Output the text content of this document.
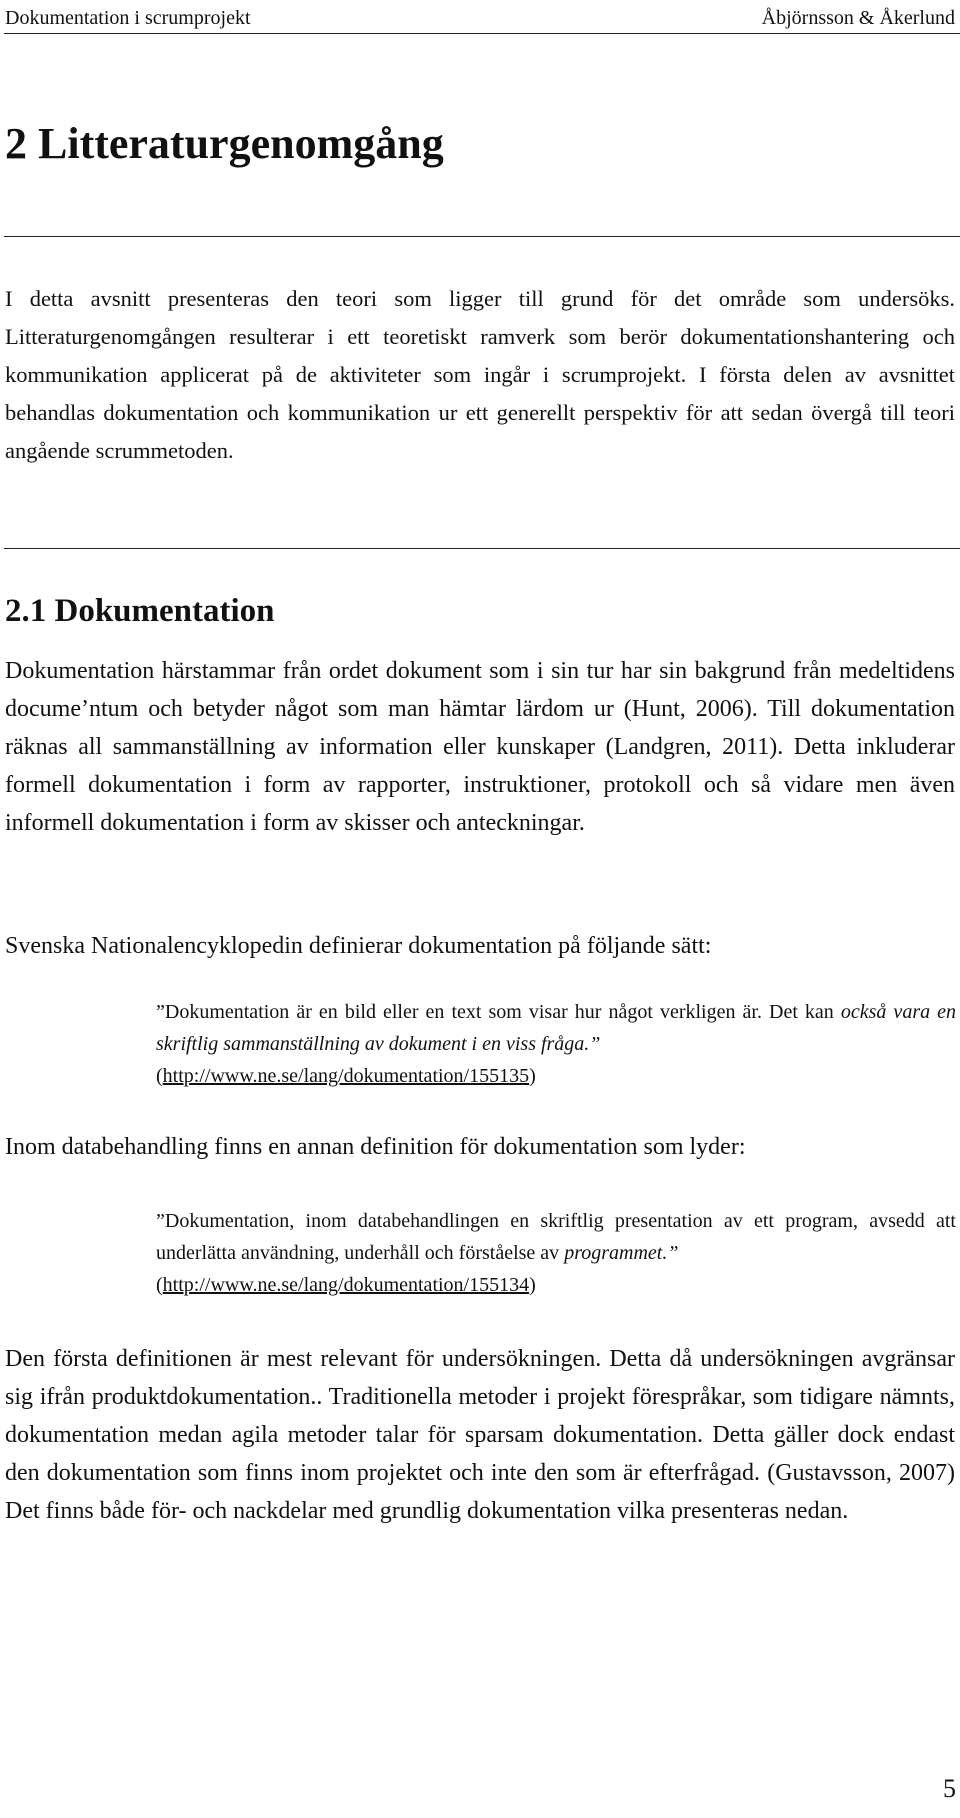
Dokumentation i scrumprojekt	Åbjörnsson & Åkerlund
2 Litteraturgenomgång

I detta avsnitt presenteras den teori som ligger till grund för det område som undersöks. Litteraturgenomgången resulterar i ett teoretiskt ramverk som berör dokumentationshantering och kommunikation applicerat på de aktiviteter som ingår i scrumprojekt. I första delen av avsnittet behandlas dokumentation och kommunikation ur ett generellt perspektiv för att sedan övergå till teori angående scrummetoden.

2.1 Dokumentation

Dokumentation härstammar från ordet dokument som i sin tur har sin bakgrund från medeltidens docume’ntum och betyder något som man hämtar lärdom ur (Hunt, 2006). Till dokumentation räknas all sammanställning av information eller kunskaper (Landgren, 2011). Detta inkluderar formell dokumentation i form av rapporter, instruktioner, protokoll och så vidare men även informell dokumentation i form av skisser och anteckningar.

Svenska Nationalencyklopedin definierar dokumentation på följande sätt:

”Dokumentation är en bild eller en text som visar hur något verkligen är. Det kan också vara en skriftlig sammanställning av dokument i en viss fråga.”
(http://www.ne.se/lang/dokumentation/155135)

Inom databehandling finns en annan definition för dokumentation som lyder:

”Dokumentation, inom databehandlingen en skriftlig presentation av ett program, avsedd att underlätta användning, underhåll och förståelse av programmet.”
(http://www.ne.se/lang/dokumentation/155134)

Den första definitionen är mest relevant för undersökningen. Detta då undersökningen avgränsar sig ifrån produktdokumentation.. Traditionella metoder i projekt förespråkar, som tidigare nämnts, dokumentation medan agila metoder talar för sparsam dokumentation. Detta gäller dock endast den dokumentation som finns inom projektet och inte den som är efterfrågad. (Gustavsson, 2007) Det finns både för- och nackdelar med grundlig dokumentation vilka presenteras nedan.

5
